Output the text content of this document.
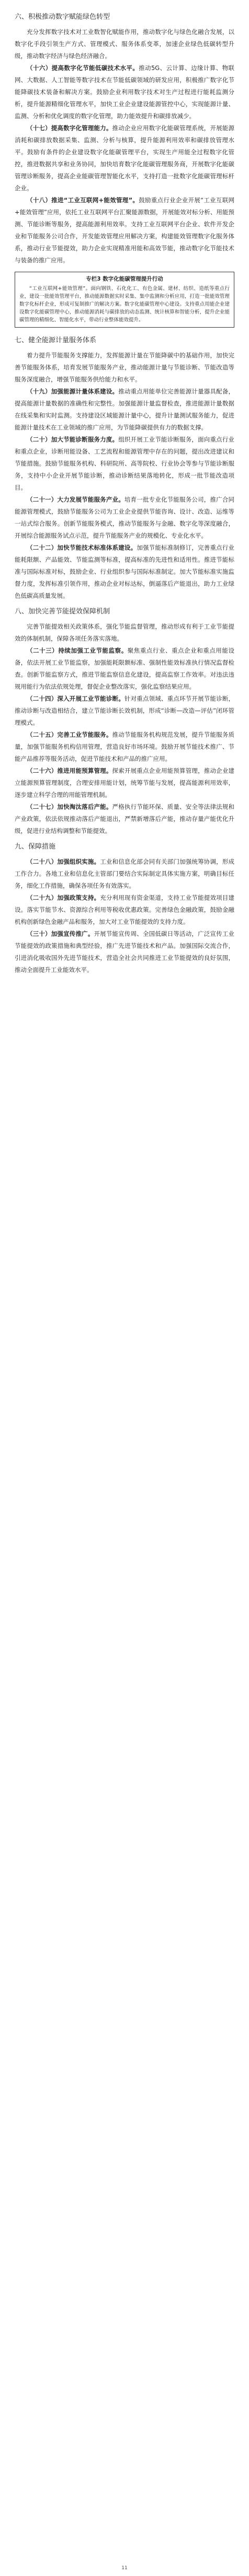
六、积极推动数字赋能绿色转型

充分发挥数字技术对工业数智化赋能作用，推动数字化与绿色化融合发展，以数字化手段引领生产方式、管理模式、服务体系变革，加速企业绿色低碳转型升级，推动数字经济与绿色经济融合。

（十六）提高数字化节能低碳技术水平。推动5G、云计算、边缘计算、物联网、大数据、人工智能等数字技术在节能低碳领域的研发应用，积极推广数字化节能降碳技术装备和解决方案。鼓励企业利用数字技术对生产过程进行能耗监测分析，提升能源精细化管理水平，加快工业企业建设能源管控中心，实现能源计量、监测、分析和优化调度的数字化管理，助力能效提升和碳排放减少。

（十七）提高数字化管理能力。推动企业应用数字化能碳管理系统，开展能源消耗和碳排放数据采集、监测、分析与核算，提升能源利用效率和碳排放管理水平。鼓励有条件的企业建设数字化能碳管理平台，实现生产用能全过程数字化管控，推进数据共享和业务协同，加快培育数字化能碳管理服务商，开展数字化能碳管理诊断服务，提高企业能碳管理智能化水平，支持打造一批数字化能碳管理标杆企业。

（十八）推进“工业互联网+能效管理”。鼓励重点行业企业开展“工业互联网+能效管理”应用，依托工业互联网平台汇聚能源数据，开展能效对标分析、用能预测、节能诊断等服务，提高能源利用效率。支持工业互联网平台企业、软件开发企业和节能服务公司合作，开发能效管理应用解决方案，构建能效管理数字化服务体系，推动行业节能提效，助力企业实现精准用能和高效节能，推动数字化节能技术与装备的推广应用。

专栏3 数字化能碳管理提升行动

“工业互联网+能效管理”。面向钢铁、石化化工、有色金属、建材、纺织、造纸等重点行业，建设一批能效管理平台，推动能源数据实时采集、集中监测和分析应用，打造一批能效管理数字化标杆企业，形成可复制推广的解决方案。数字化能碳管理中心建设。支持重点用能企业建设数字化能碳管理中心，推动能源消耗与碳排放的动态监测、统计核算和智能分析，提升企业能碳管理的精细化、智能化水平，带动行业整体能效提升。

七、健全能源计量服务体系

着力提升节能服务支撑能力，发挥能源计量在节能降碳中的基础作用，加快完善节能服务体系，培育发展节能服务产业，推动能源计量与节能诊断、节能改造等服务深度融合，增强节能服务供给能力和水平。

（十九）加强能源计量体系建设。推动重点用能单位完善能源计量器具配备，提高能源计量数据的准确性和完整性。加强能源计量监督检查，推进能源计量数据在线采集和实时监测。支持建设区域能源计量中心，提升计量测试服务能力，促进能源计量技术在工业领域的推广应用，为节能降碳提供有力的数据支撑。

（二十）加大节能诊断服务力度。组织开展工业节能诊断服务，面向重点行业和重点企业，诊断用能设备、工艺流程和能源管理中存在的问题，提出改进建议和节能措施。鼓励节能服务机构、科研院所、高等院校、行业协会等参与节能诊断服务，支持中小企业开展节能诊断，推动诊断结果落地转化，形成一批节能改造项目。

（二十一）大力发展节能服务产业。培育一批专业化节能服务公司，推广合同能源管理模式，鼓励节能服务公司为工业企业提供节能咨询、设计、改造、运维等一站式综合服务。创新节能服务模式，推动节能服务与金融、数字化等深度融合，开展综合能源服务试点示范，提升节能服务产业的规模化、专业化水平。

（二十二）加快节能技术标准体系建设。加强节能标准制修订，完善重点行业能耗限额、产品能效、节能监测等标准，提高标准的先进性和适用性。推进节能标准与国际标准对标，鼓励企业、行业组织参与国际标准制定。加大节能标准实施监督力度，发挥标准引领作用，推动企业对标达标，倒逼落后产能退出，助力工业绿色低碳高质量发展。

八、加快完善节能提效保障机制

完善节能提效相关政策体系，强化节能监督管理，推动形成有利于工业节能提效的体制机制，保障各项任务落实落地。

（二十三）持续加强工业节能监察。聚焦重点行业、重点企业和重点用能设备，依法开展工业节能监察，加强能耗限额标准、强制性能效标准执行情况监督检查。创新节能监察方式，推进节能监察信息化建设，提高监察工作效率。对违法违规用能行为依法依规处理，督促企业整改落实，强化监察结果应用。

（二十四）深入开展工业节能诊断。针对重点领域、重点环节开展节能诊断，推动诊断与改造相结合，建立节能诊断长效机制，形成“诊断—改造—评估”闭环管理模式。

（二十五）完善工业节能服务。推动节能服务机构规范发展，提升节能服务质量，加强节能服务机构信用管理，营造良好市场环境。鼓励开展节能技术推广、节能产品推荐等服务活动，促进节能技术和产品的推广应用。

（二十六）推进用能预算管理。探索开展重点企业用能预算管理，推动企业建立能源预算管理制度，合理安排用能计划，统筹节能与发展，提高能源利用效率，逐步建立科学合理的用能管理机制。

（二十七）加快淘汰落后产能。严格执行节能环保、质量、安全等法律法规和产业政策，依法依规推动落后产能退出，严禁新增落后产能，推动存量产能优化升级，促进行业结构调整和节能提效。

九、保障措施

（二十八）加强组织实施。工业和信息化部会同有关部门加强统筹协调，形成工作合力。各地工业和信息化主管部门要结合实际制定具体实施方案，明确目标任务，细化工作措施，确保各项任务有效落实。

（二十九）加强政策支持。充分利用现有资金渠道，支持工业节能提效项目建设。落实节能节水、资源综合利用等税收优惠政策。完善绿色金融政策，鼓励金融机构创新绿色金融产品和服务，加大对工业节能提效的支持力度。

（三十）加强宣传推广。开展节能宣传周、全国低碳日等活动，广泛宣传工业节能提效的政策措施和典型经验，推广先进节能技术和产品。加强国际交流合作，引进消化吸收国外先进节能技术，营造全社会共同推进工业节能提效的良好氛围，推动全面提升工业能效水平。

11
